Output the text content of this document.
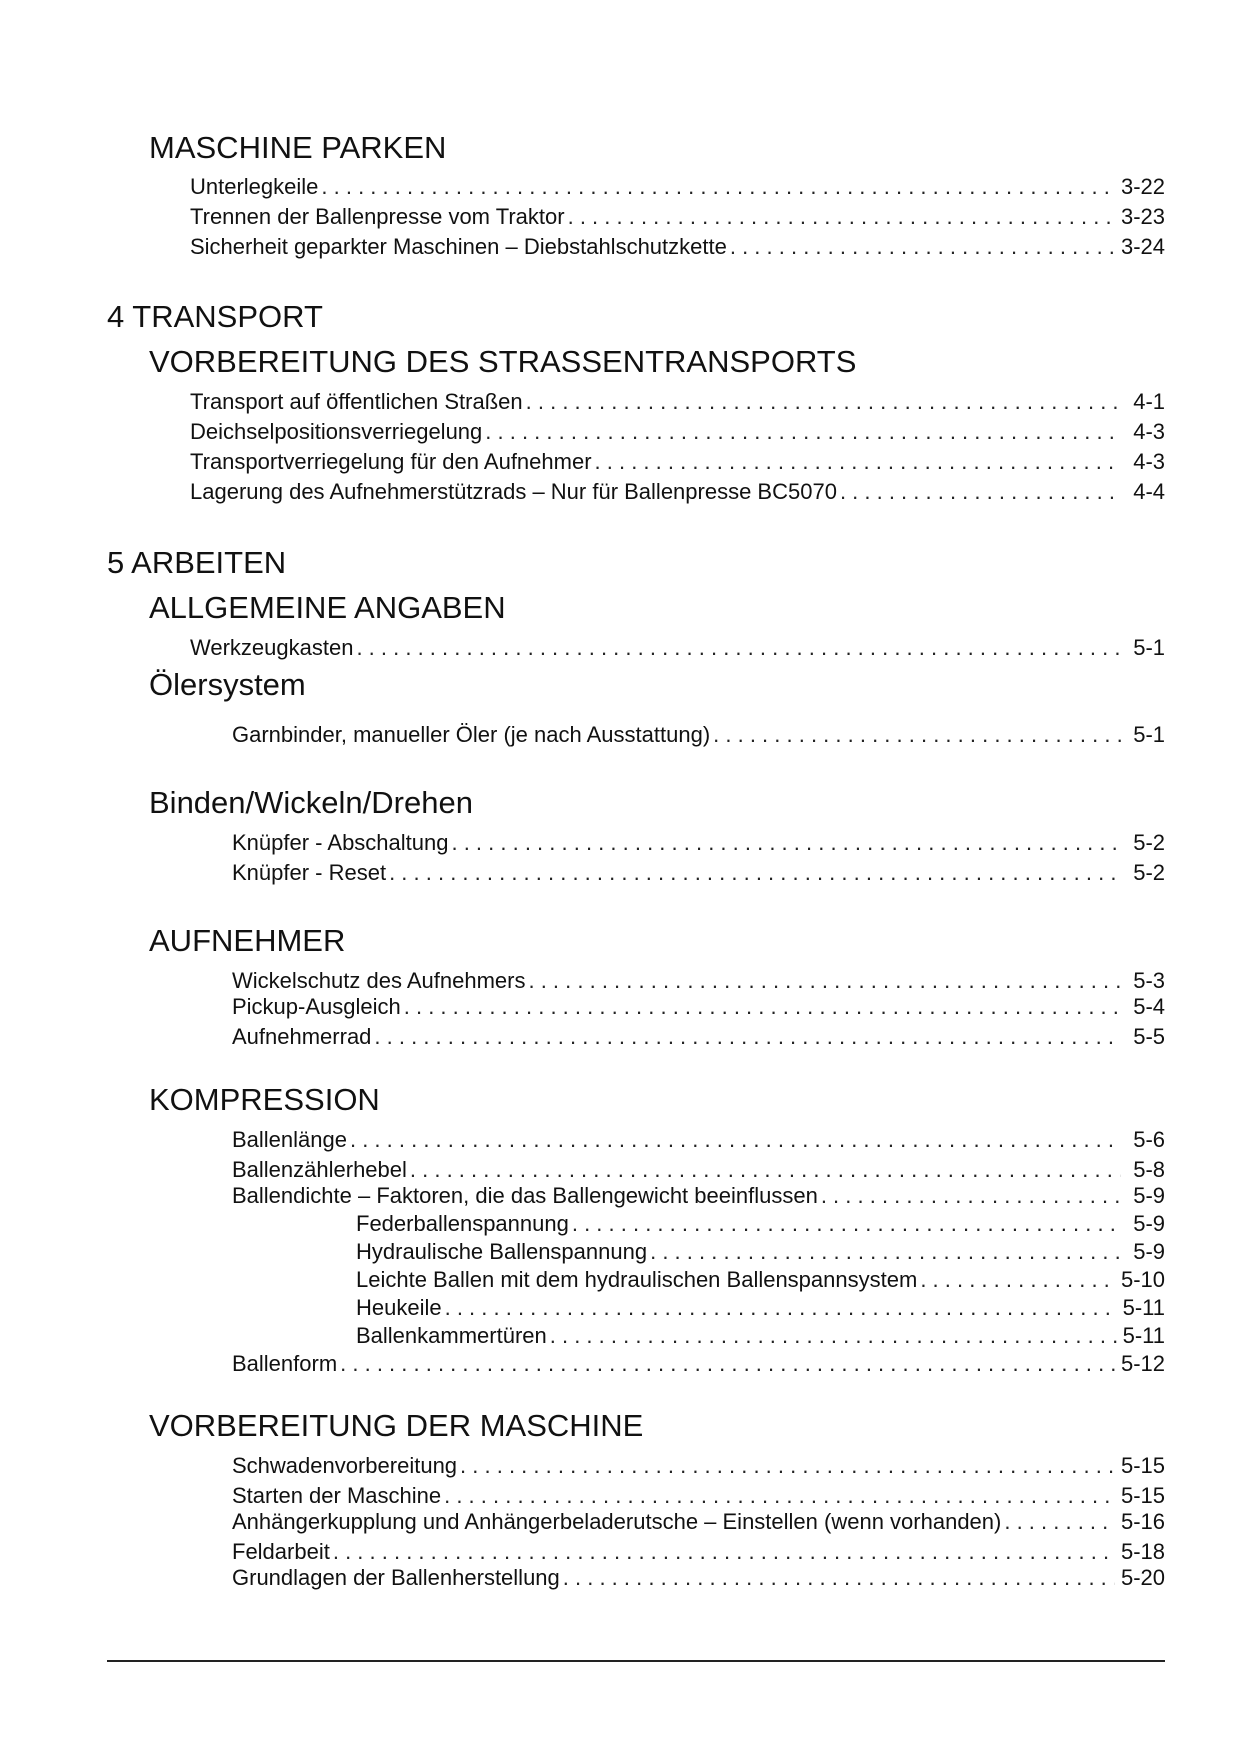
MASCHINE PARKEN
Unterlegkeile . . .	3-22
Trennen der Ballenpresse vom Traktor . . .	3-23
Sicherheit geparkter Maschinen – Diebstahlschutzkette . . .	3-24
4 TRANSPORT
VORBEREITUNG DES STRASSENTRANSPORTS
Transport auf öffentlichen Straßen . . .	4-1
Deichselpositionsverriegelung . . .	4-3
Transportverriegelung für den Aufnehmer . . .	4-3
Lagerung des Aufnehmerstützrads – Nur für Ballenpresse BC5070 . . .	4-4
5 ARBEITEN
ALLGEMEINE ANGABEN
Werkzeugkasten . . .	5-1
Ölersystem
Garnbinder, manueller Öler (je nach Ausstattung) . . .	5-1
Binden/Wickeln/Drehen
Knüpfer - Abschaltung . . .	5-2
Knüpfer - Reset . . .	5-2
AUFNEHMER
Wickelschutz des Aufnehmers . . .	5-3
Pickup-Ausgleich . . .	5-4
Aufnehmerrad . . .	5-5
KOMPRESSION
Ballenlänge . . .	5-6
Ballenzählerhebel . . .	5-8
Ballendichte – Faktoren, die das Ballengewicht beeinflussen . . .	5-9
Federballenspannung . . .	5-9
Hydraulische Ballenspannung . . .	5-9
Leichte Ballen mit dem hydraulischen Ballenspannsystem . . .	5-10
Heukeile . . .	5-11
Ballenkammertüren . . .	5-11
Ballenform . . .	5-12
VORBEREITUNG DER MASCHINE
Schwadenvorbereitung . . .	5-15
Starten der Maschine . . .	5-15
Anhängerkupplung und Anhängerbeladerutsche – Einstellen (wenn vorhanden) . . .	5-16
Feldarbeit . . .	5-18
Grundlagen der Ballenherstellung . . .	5-20
